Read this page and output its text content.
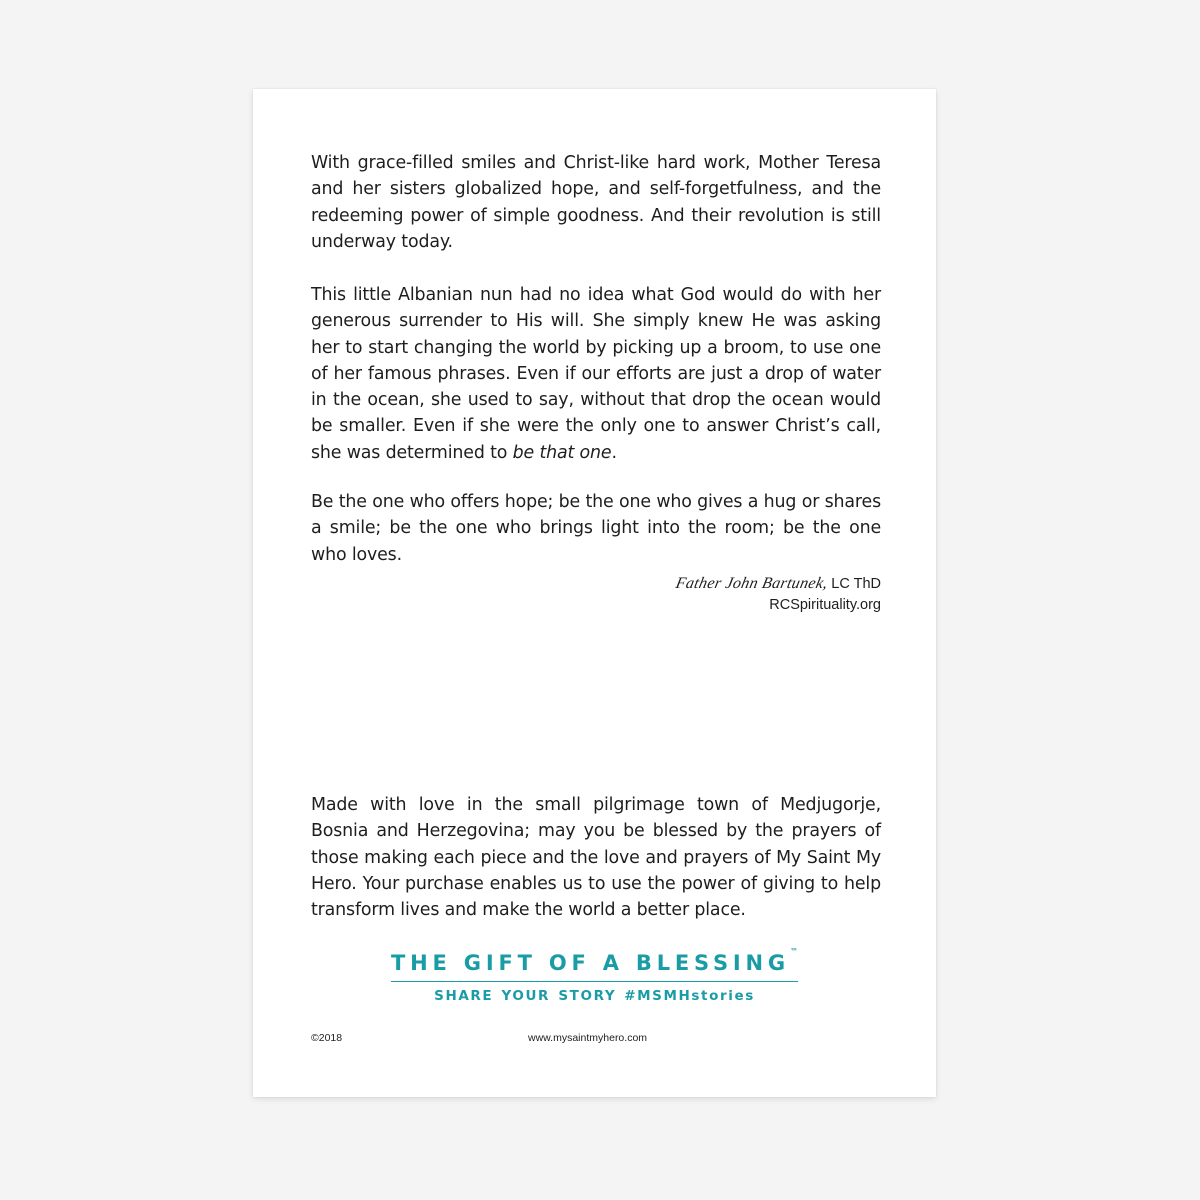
With grace-filled smiles and Christ-like hard work, Mother Teresa and her sisters globalized hope, and self-forgetfulness, and the redeeming power of simple goodness. And their revolution is still underway today.

This little Albanian nun had no idea what God would do with her generous surrender to His will. She simply knew He was asking her to start changing the world by picking up a broom, to use one of her famous phrases. Even if our efforts are just a drop of water in the ocean, she used to say, without that drop the ocean would be smaller. Even if she were the only one to answer Christ’s call, she was determined to be that one.

Be the one who offers hope; be the one who gives a hug or shares a smile; be the one who brings light into the room; be the one who loves.

Father John Bartunek, LC ThD
RCSpirituality.org

Made with love in the small pilgrimage town of Medjugorje, Bosnia and Herzegovina; may you be blessed by the prayers of those making each piece and the love and prayers of My Saint My Hero. Your purchase enables us to use the power of giving to help transform lives and make the world a better place.

THE GIFT OF A BLESSING™
SHARE YOUR STORY #MSMHstories
©2018	www.mysaintmyhero.com
